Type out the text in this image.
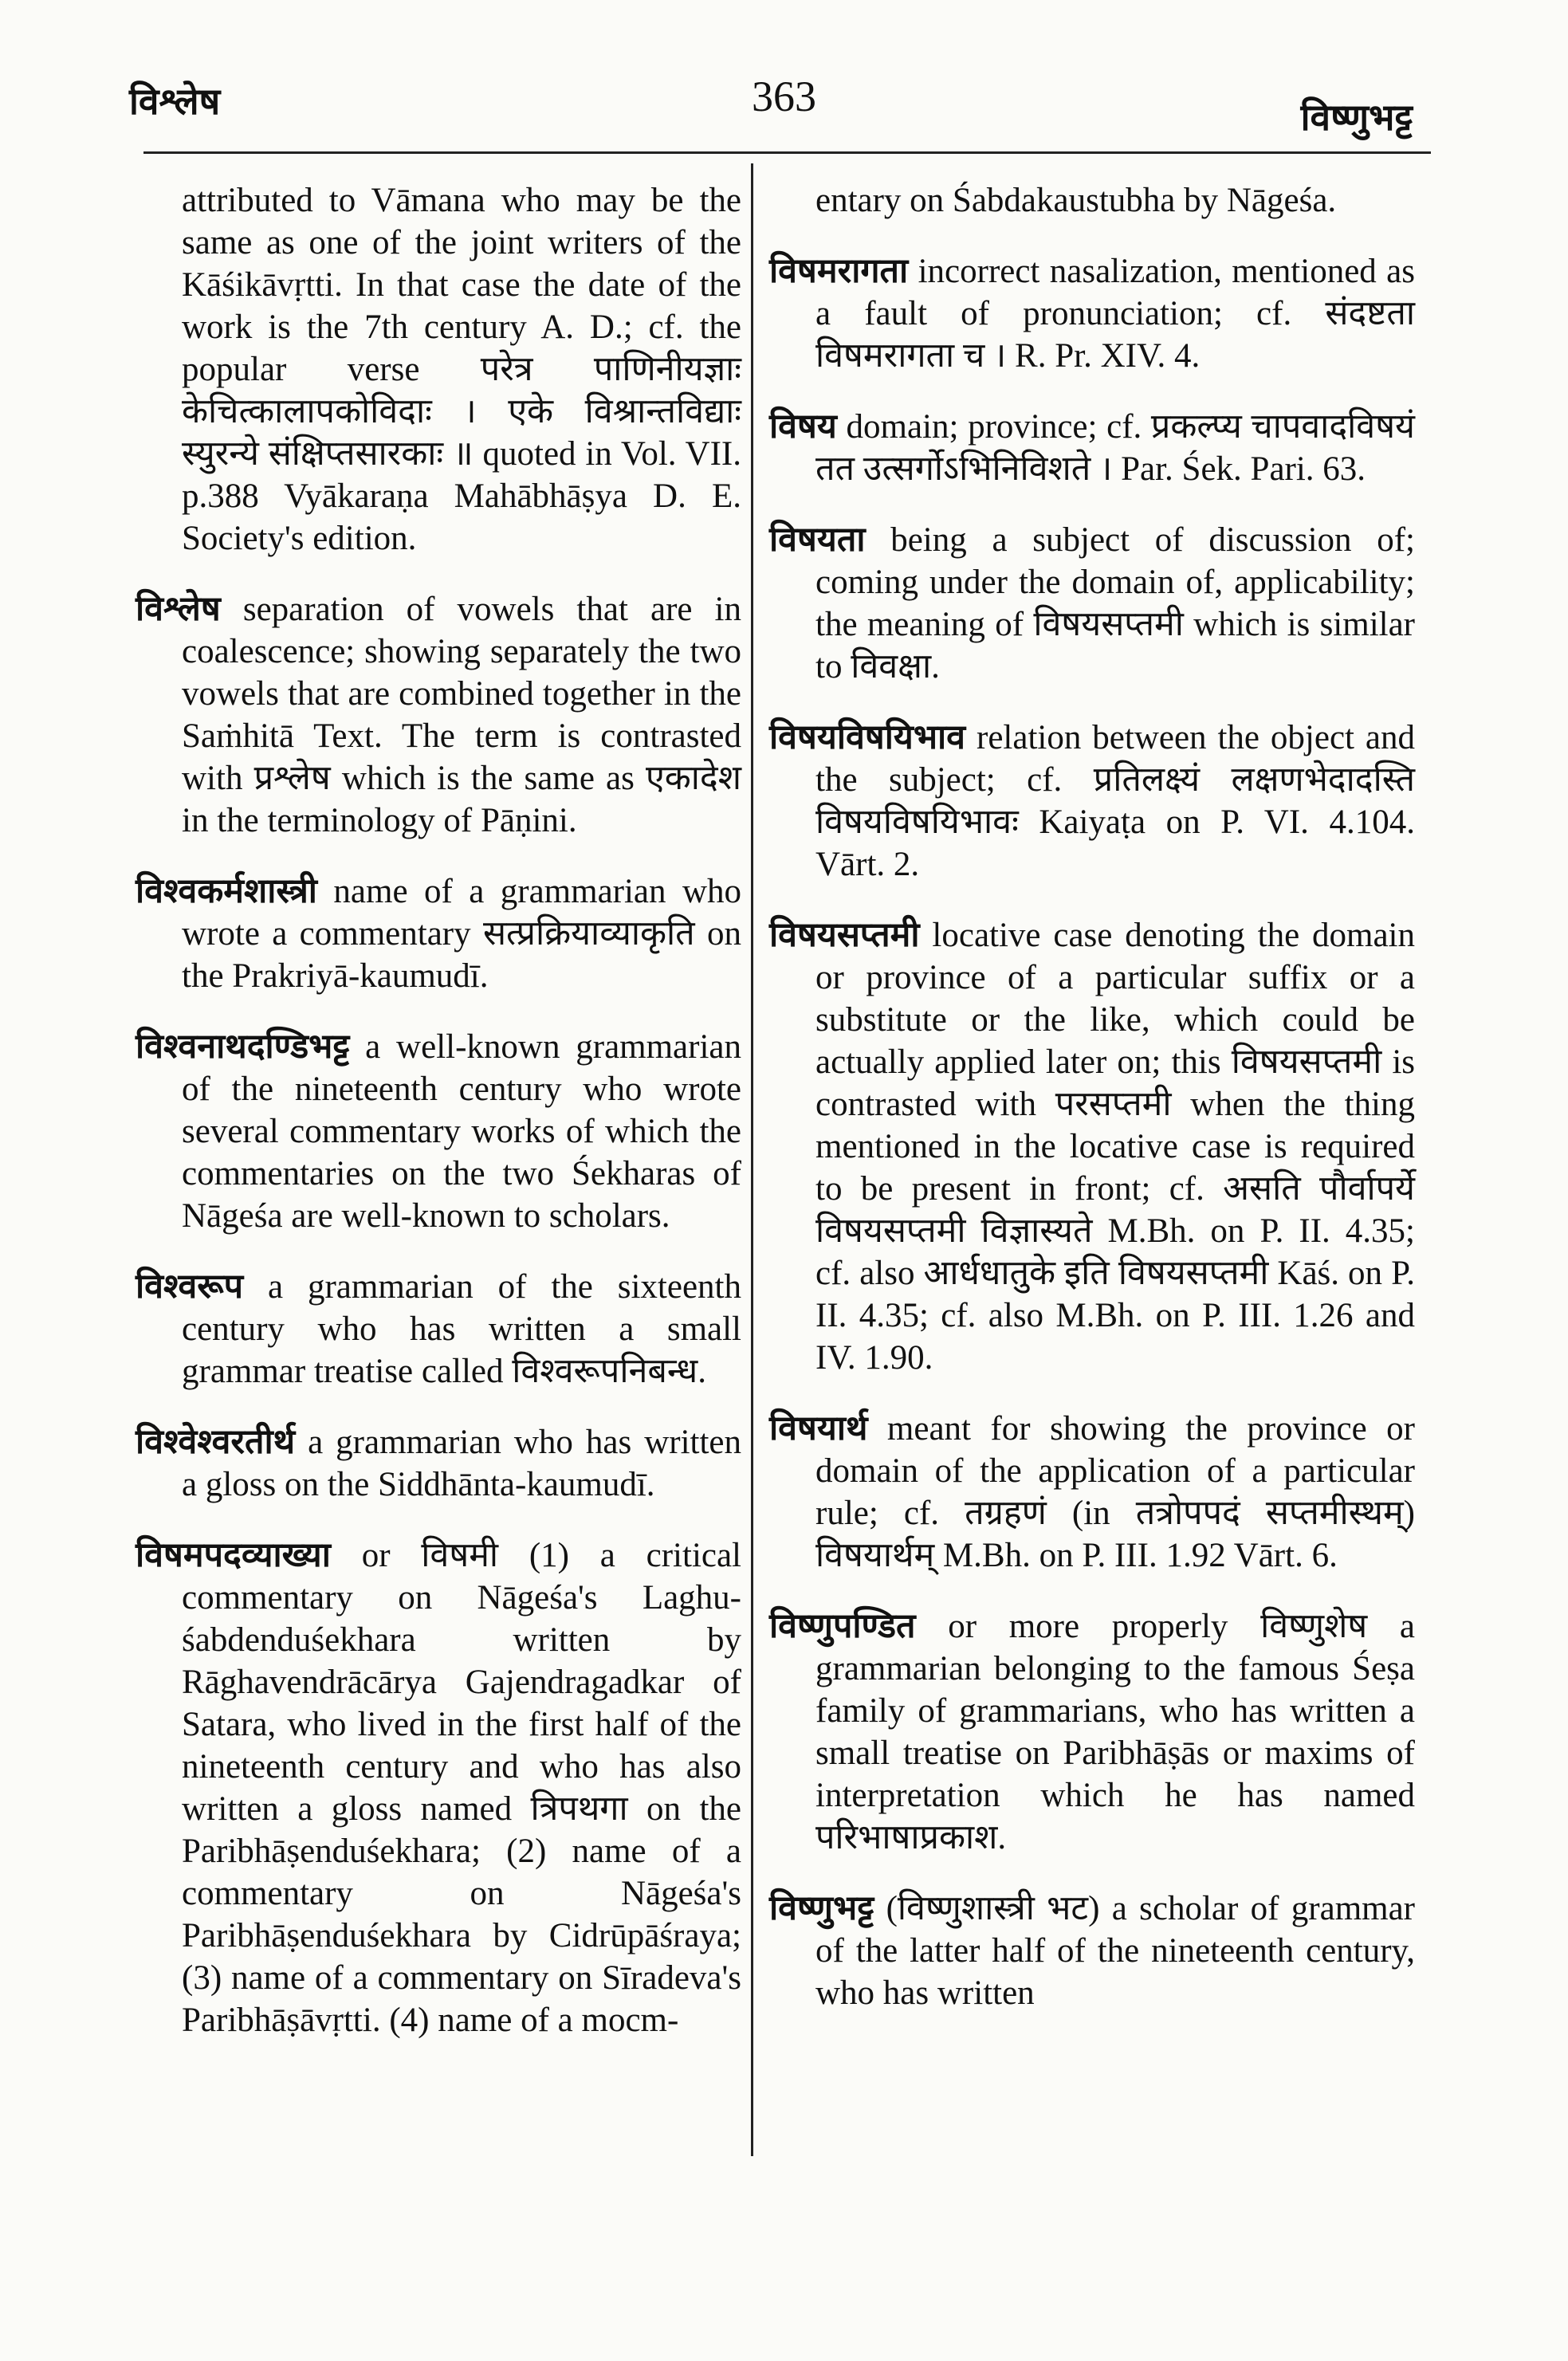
विश्लेष	363	विष्णुभट्ट

attributed to Vāmana who may be the same as one of the joint writers of the Kāśikāvṛtti. In that case the date of the work is the 7th century A. D.; cf. the popular verse परेत्र पाणिनीयज्ञाः केचित्कालापकोविदाः । एके विश्रान्तविद्याः स्युरन्ये संक्षिप्तसारकाः ॥ quoted in Vol. VII. p.388 Vyākaraṇa Mahābhāṣya D. E. Society's edition.

विश्लेष separation of vowels that are in coalescence; showing separately the two vowels that are combined together in the Saṁhitā Text. The term is contrasted with प्रश्लेष which is the same as एकादेश in the terminology of Pāṇini.

विश्वकर्मशास्त्री name of a grammarian who wrote a commentary सत्प्रक्रियाव्याकृति on the Prakriyā-kaumudī.

विश्वनाथदण्डिभट्ट a well-known grammarian of the nineteenth century who wrote several commentary works of which the commentaries on the two Śekharas of Nāgeśa are well-known to scholars.

विश्वरूप a grammarian of the sixteenth century who has written a small grammar treatise called विश्वरूपनिबन्ध.

विश्वेश्वरतीर्थ a grammarian who has written a gloss on the Siddhānta-kaumudī.

विषमपदव्याख्या or विषमी (1) a critical commentary on Nāgeśa's Laghu-śabdenduśekhara written by Rāghavendrācārya Gajendragadkar of Satara, who lived in the first half of the nineteenth century and who has also written a gloss named त्रिपथगा on the Paribhāṣenduśekhara; (2) name of a commentary on Nāgeśa's Paribhāṣenduśekhara by Cidrūpāśraya; (3) name of a commentary on Sīradeva's Paribhāṣāvṛtti. (4) name of a mocm-

entary on Śabdakaustubha by Nāgeśa.

विषमरागता incorrect nasalization, mentioned as a fault of pronunciation; cf. संदष्टता विषमरागता च । R. Pr. XIV. 4.

विषय domain; province; cf. प्रकल्प्य चापवादविषयं तत उत्सर्गोऽभिनिविशते । Par. Śek. Pari. 63.

विषयता being a subject of discussion of; coming under the domain of, applicability; the meaning of विषयसप्तमी which is similar to विवक्षा.

विषयविषयिभाव relation between the object and the subject; cf. प्रतिलक्ष्यं लक्षणभेदादस्ति विषयविषयिभावः Kaiyaṭa on P. VI. 4.104. Vārt. 2.

विषयसप्तमी locative case denoting the domain or province of a particular suffix or a substitute or the like, which could be actually applied later on; this विषयसप्तमी is contrasted with परसप्तमी when the thing mentioned in the locative case is required to be present in front; cf. असति पौर्वापर्ये विषयसप्तमी विज्ञास्यते M.Bh. on P. II. 4.35; cf. also आर्धधातुके इति विषयसप्तमी Kāś. on P. II. 4.35; cf. also M.Bh. on P. III. 1.26 and IV. 1.90.

विषयार्थ meant for showing the province or domain of the application of a particular rule; cf. तग्रहणं (in तत्रोपपदं सप्तमीस्थम्) विषयार्थम् M.Bh. on P. III. 1.92 Vārt. 6.

विष्णुपण्डित or more properly विष्णुशेष a grammarian belonging to the famous Śeṣa family of grammarians, who has written a small treatise on Paribhāṣās or maxims of interpretation which he has named परिभाषाप्रकाश.

विष्णुभट्ट (विष्णुशास्त्री भट) a scholar of grammar of the latter half of the nineteenth century, who has written
